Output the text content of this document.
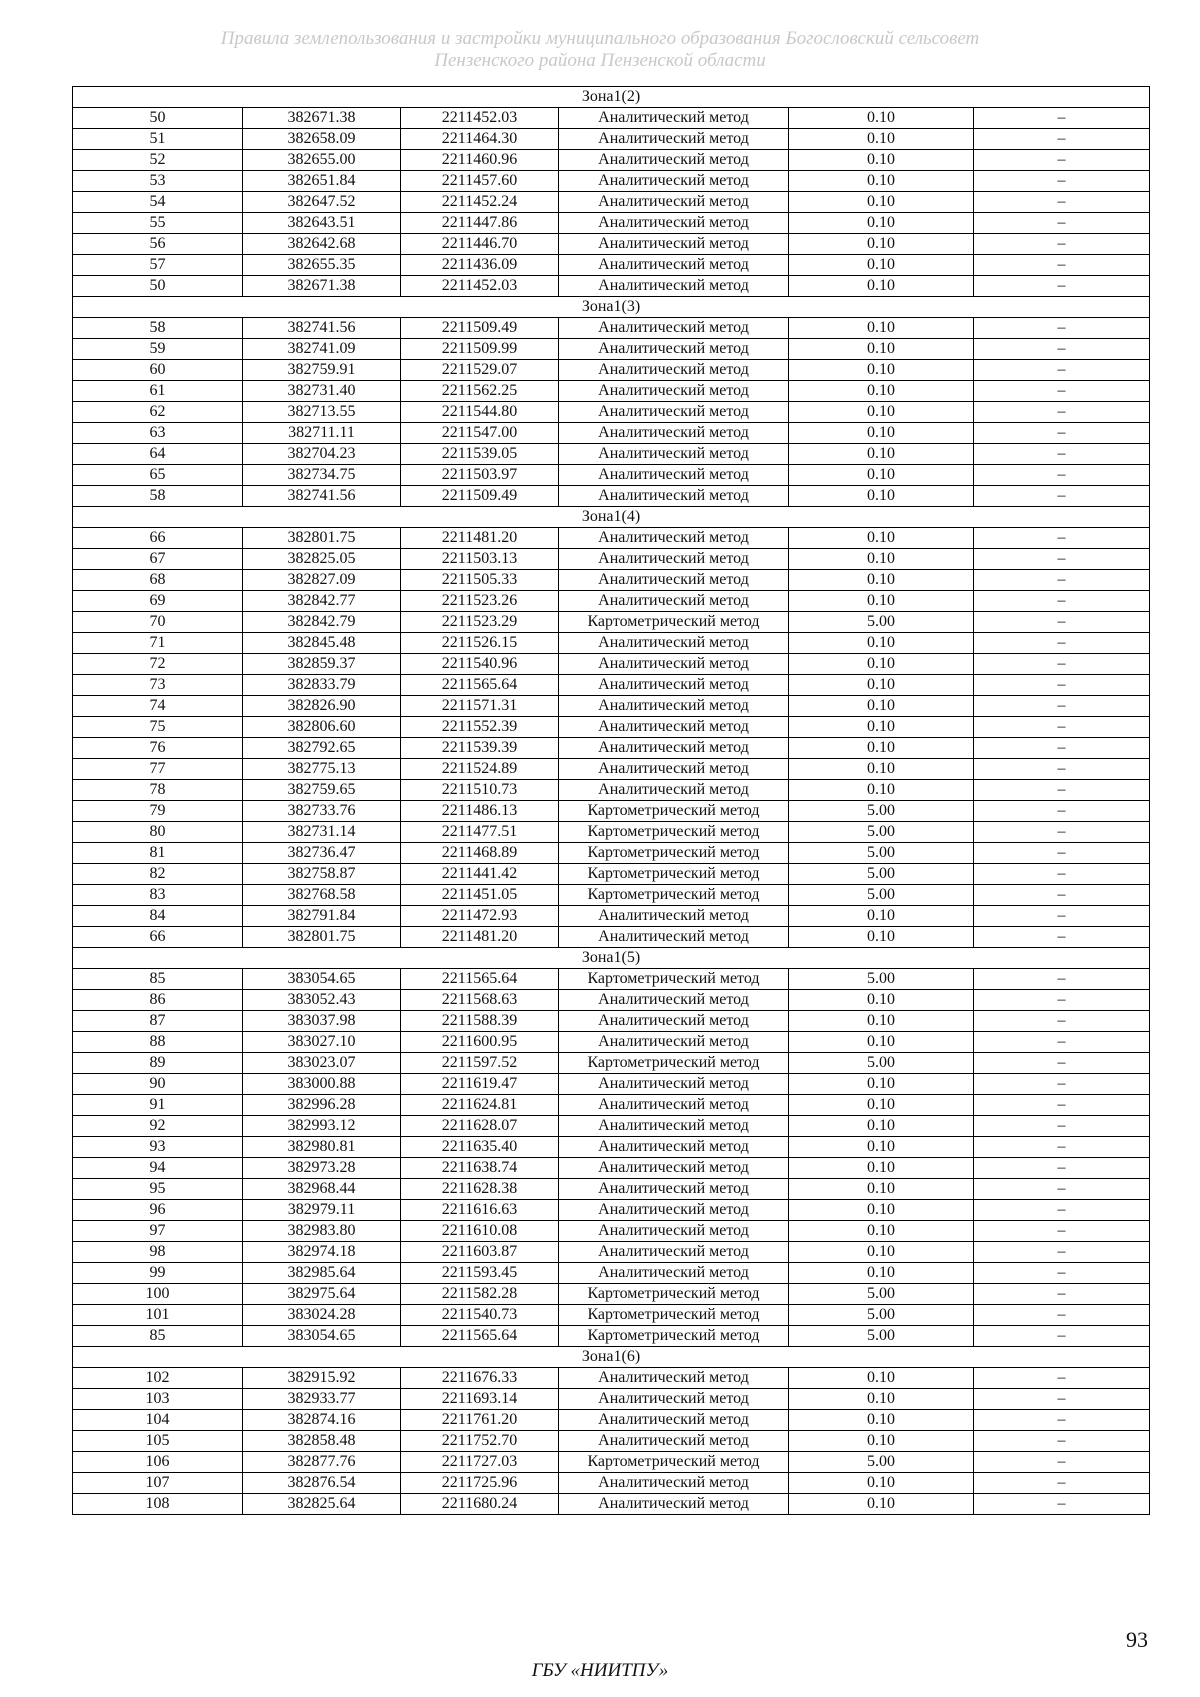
Правила землепользования и застройки муниципального образования Богословский сельсовет
Пензенского района Пензенской области
Зона1(2)					
50	382671.38	2211452.03	Аналитический метод	0.10	–
51	382658.09	2211464.30	Аналитический метод	0.10	–
52	382655.00	2211460.96	Аналитический метод	0.10	–
53	382651.84	2211457.60	Аналитический метод	0.10	–
54	382647.52	2211452.24	Аналитический метод	0.10	–
55	382643.51	2211447.86	Аналитический метод	0.10	–
56	382642.68	2211446.70	Аналитический метод	0.10	–
57	382655.35	2211436.09	Аналитический метод	0.10	–
50	382671.38	2211452.03	Аналитический метод	0.10	–
Зона1(3)					
58	382741.56	2211509.49	Аналитический метод	0.10	–
59	382741.09	2211509.99	Аналитический метод	0.10	–
60	382759.91	2211529.07	Аналитический метод	0.10	–
61	382731.40	2211562.25	Аналитический метод	0.10	–
62	382713.55	2211544.80	Аналитический метод	0.10	–
63	382711.11	2211547.00	Аналитический метод	0.10	–
64	382704.23	2211539.05	Аналитический метод	0.10	–
65	382734.75	2211503.97	Аналитический метод	0.10	–
58	382741.56	2211509.49	Аналитический метод	0.10	–
Зона1(4)					
66	382801.75	2211481.20	Аналитический метод	0.10	–
67	382825.05	2211503.13	Аналитический метод	0.10	–
68	382827.09	2211505.33	Аналитический метод	0.10	–
69	382842.77	2211523.26	Аналитический метод	0.10	–
70	382842.79	2211523.29	Картометрический метод	5.00	–
71	382845.48	2211526.15	Аналитический метод	0.10	–
72	382859.37	2211540.96	Аналитический метод	0.10	–
73	382833.79	2211565.64	Аналитический метод	0.10	–
74	382826.90	2211571.31	Аналитический метод	0.10	–
75	382806.60	2211552.39	Аналитический метод	0.10	–
76	382792.65	2211539.39	Аналитический метод	0.10	–
77	382775.13	2211524.89	Аналитический метод	0.10	–
78	382759.65	2211510.73	Аналитический метод	0.10	–
79	382733.76	2211486.13	Картометрический метод	5.00	–
80	382731.14	2211477.51	Картометрический метод	5.00	–
81	382736.47	2211468.89	Картометрический метод	5.00	–
82	382758.87	2211441.42	Картометрический метод	5.00	–
83	382768.58	2211451.05	Картометрический метод	5.00	–
84	382791.84	2211472.93	Аналитический метод	0.10	–
66	382801.75	2211481.20	Аналитический метод	0.10	–
Зона1(5)					
85	383054.65	2211565.64	Картометрический метод	5.00	–
86	383052.43	2211568.63	Аналитический метод	0.10	–
87	383037.98	2211588.39	Аналитический метод	0.10	–
88	383027.10	2211600.95	Аналитический метод	0.10	–
89	383023.07	2211597.52	Картометрический метод	5.00	–
90	383000.88	2211619.47	Аналитический метод	0.10	–
91	382996.28	2211624.81	Аналитический метод	0.10	–
92	382993.12	2211628.07	Аналитический метод	0.10	–
93	382980.81	2211635.40	Аналитический метод	0.10	–
94	382973.28	2211638.74	Аналитический метод	0.10	–
95	382968.44	2211628.38	Аналитический метод	0.10	–
96	382979.11	2211616.63	Аналитический метод	0.10	–
97	382983.80	2211610.08	Аналитический метод	0.10	–
98	382974.18	2211603.87	Аналитический метод	0.10	–
99	382985.64	2211593.45	Аналитический метод	0.10	–
100	382975.64	2211582.28	Картометрический метод	5.00	–
101	383024.28	2211540.73	Картометрический метод	5.00	–
85	383054.65	2211565.64	Картометрический метод	5.00	–
Зона1(6)					
102	382915.92	2211676.33	Аналитический метод	0.10	–
103	382933.77	2211693.14	Аналитический метод	0.10	–
104	382874.16	2211761.20	Аналитический метод	0.10	–
105	382858.48	2211752.70	Аналитический метод	0.10	–
106	382877.76	2211727.03	Картометрический метод	5.00	–
107	382876.54	2211725.96	Аналитический метод	0.10	–
108	382825.64	2211680.24	Аналитический метод	0.10	–
93
ГБУ «НИИТПУ»
